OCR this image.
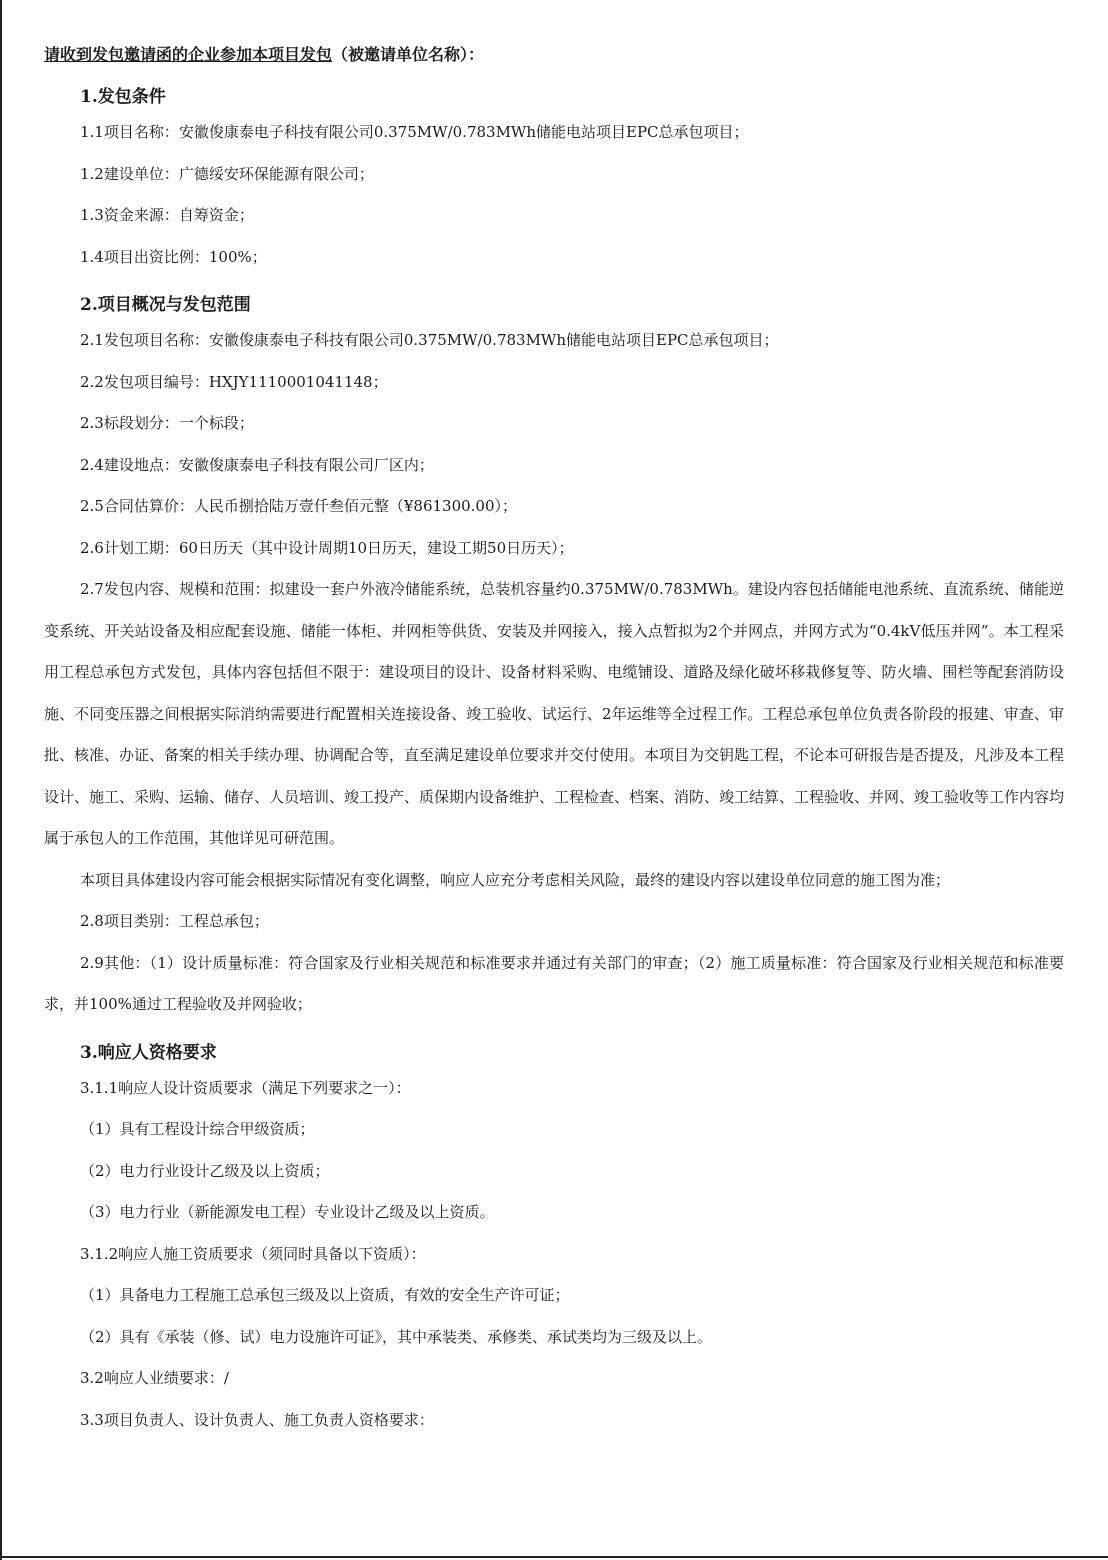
请收到发包邀请函的企业参加本项目发包（被邀请单位名称）：
1.发包条件
1.1项目名称：安徽俊康泰电子科技有限公司0.375MW/0.783MWh储能电站项目EPC总承包项目；
1.2建设单位：广德绥安环保能源有限公司；
1.3资金来源：自筹资金；
1.4项目出资比例：100%；
2.项目概况与发包范围
2.1发包项目名称：安徽俊康泰电子科技有限公司0.375MW/0.783MWh储能电站项目EPC总承包项目；
2.2发包项目编号：HXJY1110001041148；
2.3标段划分：一个标段；
2.4建设地点：安徽俊康泰电子科技有限公司厂区内；
2.5合同估算价：人民币捌拾陆万壹仟叁佰元整（¥861300.00）；
2.6计划工期：60日历天（其中设计周期10日历天，建设工期50日历天）；
2.7发包内容、规模和范围：拟建设一套户外液冷储能系统，总装机容量约0.375MW/0.783MWh。建设内容包括储能电池系统、直流系统、储能逆变系统、开关站设备及相应配套设施、储能一体柜、并网柜等供货、安装及并网接入，接入点暂拟为2个并网点，并网方式为“0.4kV低压并网”。本工程采用工程总承包方式发包，具体内容包括但不限于：建设项目的设计、设备材料采购、电缆铺设、道路及绿化破坏移栽修复等、防火墙、围栏等配套消防设施、不同变压器之间根据实际消纳需要进行配置相关连接设备、竣工验收、试运行、2年运维等全过程工作。工程总承包单位负责各阶段的报建、审查、审批、核准、办证、备案的相关手续办理、协调配合等，直至满足建设单位要求并交付使用。本项目为交钥匙工程，不论本可研报告是否提及，凡涉及本工程设计、施工、采购、运输、储存、人员培训、竣工投产、质保期内设备维护、工程检查、档案、消防、竣工结算、工程验收、并网、竣工验收等工作内容均属于承包人的工作范围，其他详见可研范围。
本项目具体建设内容可能会根据实际情况有变化调整，响应人应充分考虑相关风险，最终的建设内容以建设单位同意的施工图为准；
2.8项目类别：工程总承包；
2.9其他：（1）设计质量标准：符合国家及行业相关规范和标准要求并通过有关部门的审查；（2）施工质量标准：符合国家及行业相关规范和标准要求，并100%通过工程验收及并网验收；
3.响应人资格要求
3.1.1响应人设计资质要求（满足下列要求之一）：
（1）具有工程设计综合甲级资质；
（2）电力行业设计乙级及以上资质；
（3）电力行业（新能源发电工程）专业设计乙级及以上资质。
3.1.2响应人施工资质要求（须同时具备以下资质）：
（1）具备电力工程施工总承包三级及以上资质，有效的安全生产许可证；
（2）具有《承装（修、试）电力设施许可证》，其中承装类、承修类、承试类均为三级及以上。
3.2响应人业绩要求：/
3.3项目负责人、设计负责人、施工负责人资格要求：
